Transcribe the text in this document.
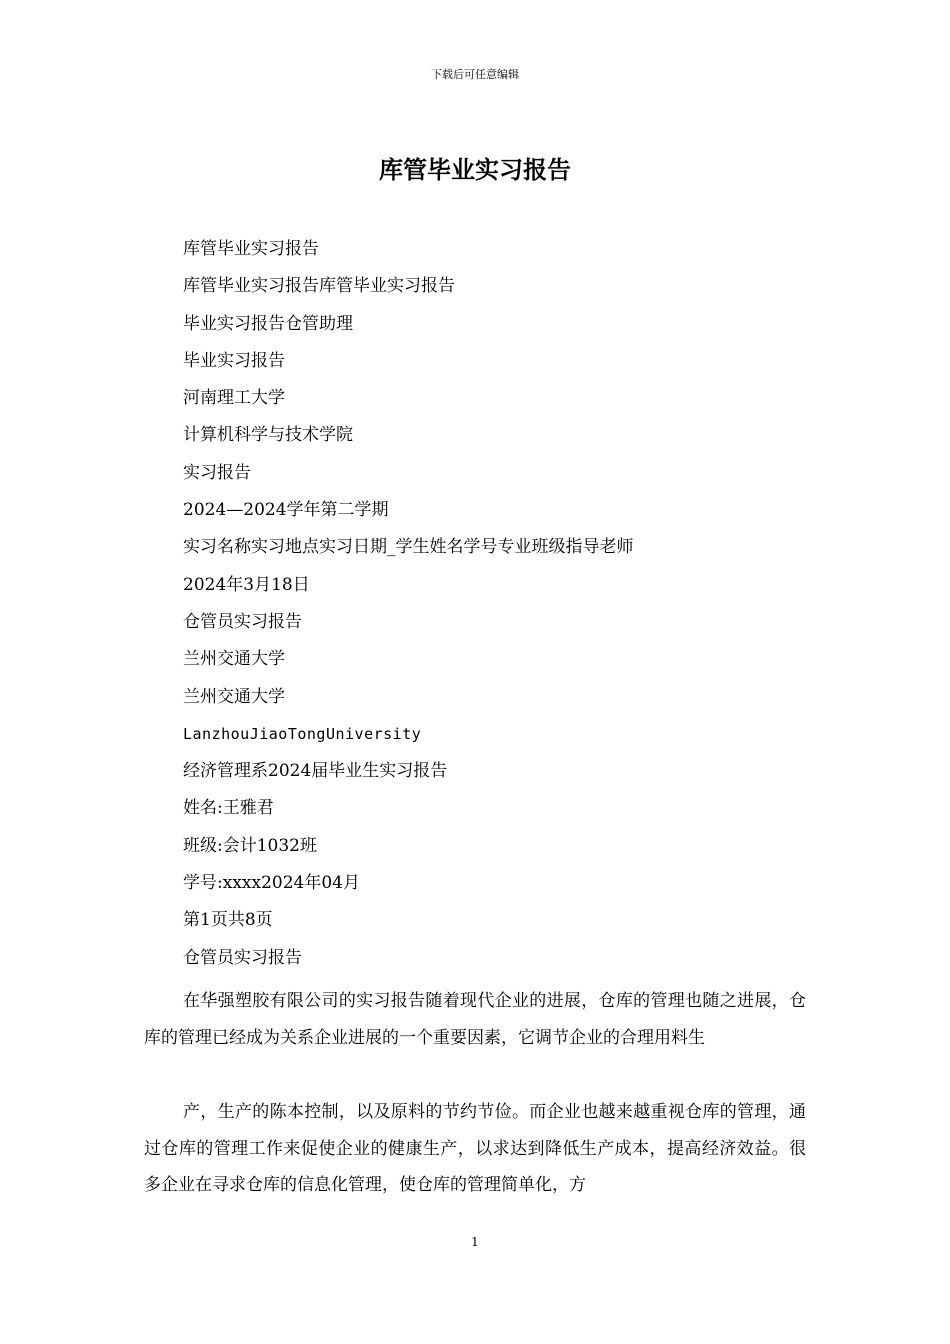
下载后可任意编辑
库管毕业实习报告
库管毕业实习报告
库管毕业实习报告库管毕业实习报告
毕业实习报告仓管助理
毕业实习报告
河南理工大学
计算机科学与技术学院
实习报告
2024—2024学年第二学期
实习名称实习地点实习日期_学生姓名学号专业班级指导老师
2024年3月18日
仓管员实习报告
兰州交通大学
兰州交通大学
LanzhouJiaoTongUniversity
经济管理系2024届毕业生实习报告
姓名:王雅君
班级:会计1032班
学号:xxxx2024年04月
第1页共8页
仓管员实习报告

在华强塑胶有限公司的实习报告随着现代企业的进展，仓库的管理也随之进展，仓库的管理已经成为关系企业进展的一个重要因素，它调节企业的合理用料生

产，生产的陈本控制，以及原料的节约节俭。而企业也越来越重视仓库的管理，通过仓库的管理工作来促使企业的健康生产，以求达到降低生产成本，提高经济效益。很多企业在寻求仓库的信息化管理，使仓库的管理简单化，方

1
